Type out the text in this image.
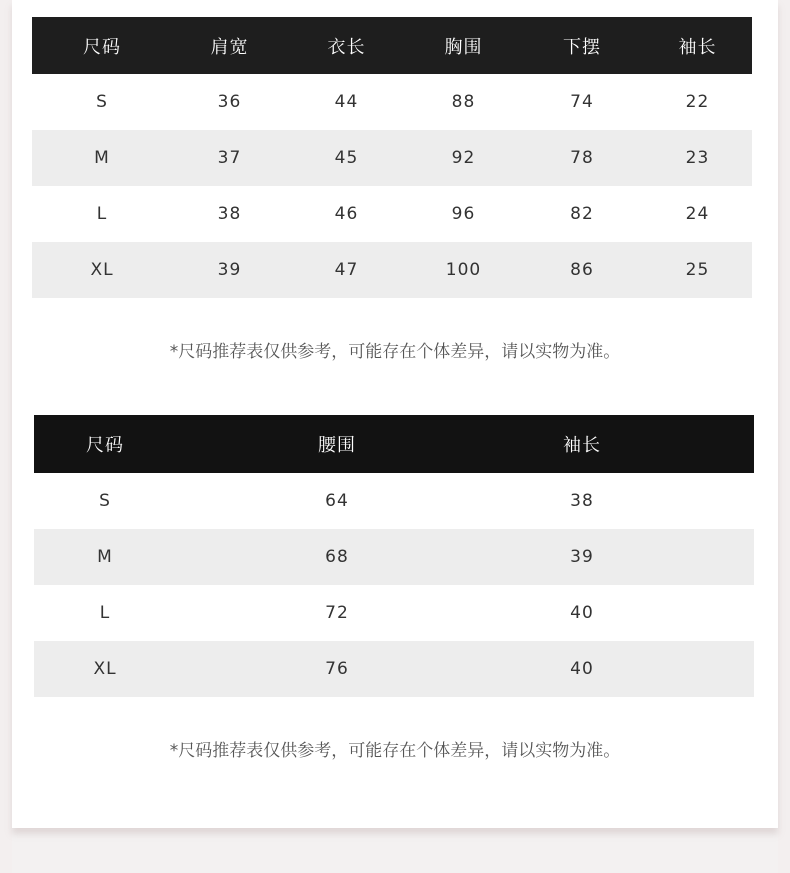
尺码	肩宽	衣长	胸围	下摆	袖长
S	36	44	88	74	22
M	37	45	92	78	23
L	38	46	96	82	24
XL	39	47	100	86	25
*尺码推荐表仅供参考，可能存在个体差异，请以实物为准。
尺码	腰围	袖长	
S	64	38	
M	68	39	
L	72	40	
XL	76	40	
*尺码推荐表仅供参考，可能存在个体差异，请以实物为准。
